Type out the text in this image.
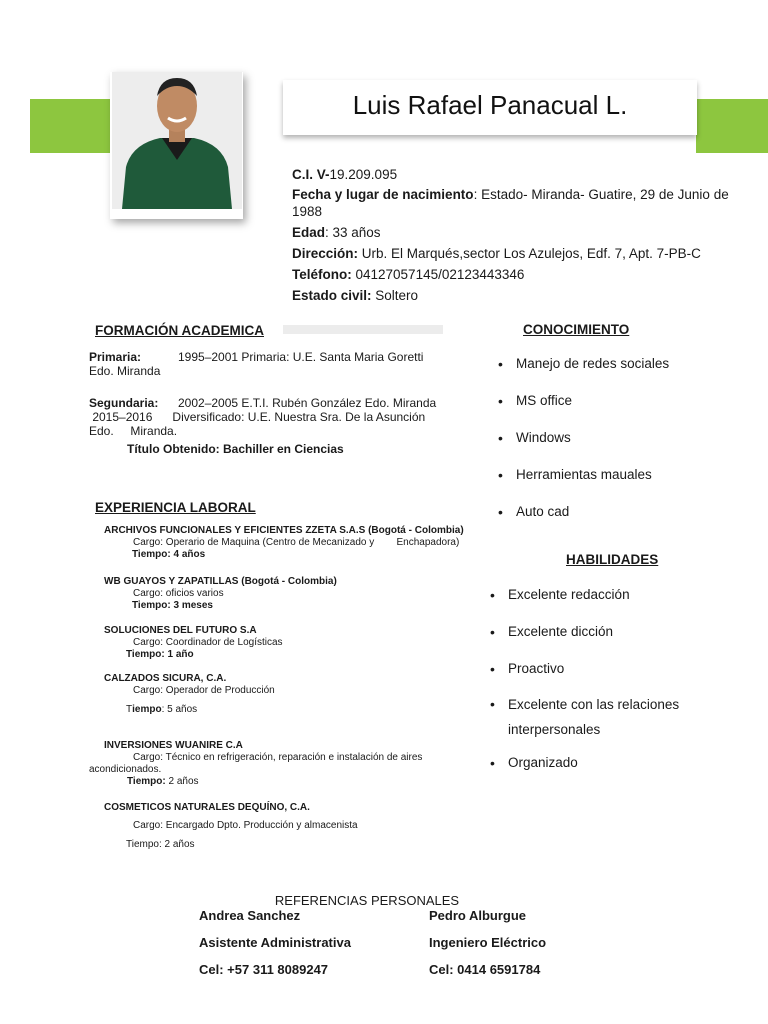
Luis Rafael Panacual L.
C.I. V-19.209.095
Fecha y lugar de nacimiento: Estado- Miranda- Guatire, 29 de Junio de 1988
Edad: 33 años
Dirección: Urb. El Marqués,sector Los Azulejos, Edf. 7, Apt. 7-PB-C
Teléfono: 04127057145/02123443346
Estado civil: Soltero
FORMACIÓN ACADEMICA
Primaria:	1995–2001 Primaria: U.E. Santa Maria Goretti
Edo. Miranda
Segundaria: 2002–2005 E.T.I. Rubén González Edo. Miranda
2015–2016      Diversificado: U.E. Nuestra Sra. De la Asunción
Edo.     Miranda.
Título Obtenido: Bachiller en Ciencias
EXPERIENCIA LABORAL
ARCHIVOS FUNCIONALES Y EFICIENTES ZZETA S.A.S (Bogotá - Colombia)
Cargo: Operario de Maquina (Centro de Mecanizado y        Enchapadora)
Tiempo: 4 años
WB GUAYOS Y ZAPATILLAS (Bogotá - Colombia)
Cargo: oficios varios
Tiempo: 3 meses
SOLUCIONES DEL FUTURO S.A
Cargo: Coordinador de Logísticas
Tiempo: 1 año
CALZADOS SICURA, C.A.
Cargo: Operador de Producción
Tiempo: 5 años
INVERSIONES WUANIRE C.A
Cargo: Técnico en refrigeración, reparación e instalación de aires
acondicionados.
Tiempo: 2 años
COSMETICOS NATURALES DEQUÍNO, C.A.
Cargo: Encargado Dpto. Producción y almacenista
Tiempo: 2 años
CONOCIMIENTO
• Manejo de redes sociales
• MS office
• Windows
• Herramientas mauales
• Auto cad
HABILIDADES
• Excelente redacción
• Excelente dicción
• Proactivo
• Excelente con las relaciones interpersonales
• Organizado
REFERENCIAS PERSONALES
Andrea Sanchez
Asistente Administrativa
Cel: +57 311 8089247
Pedro Alburgue
Ingeniero Eléctrico
Cel: 0414 6591784
